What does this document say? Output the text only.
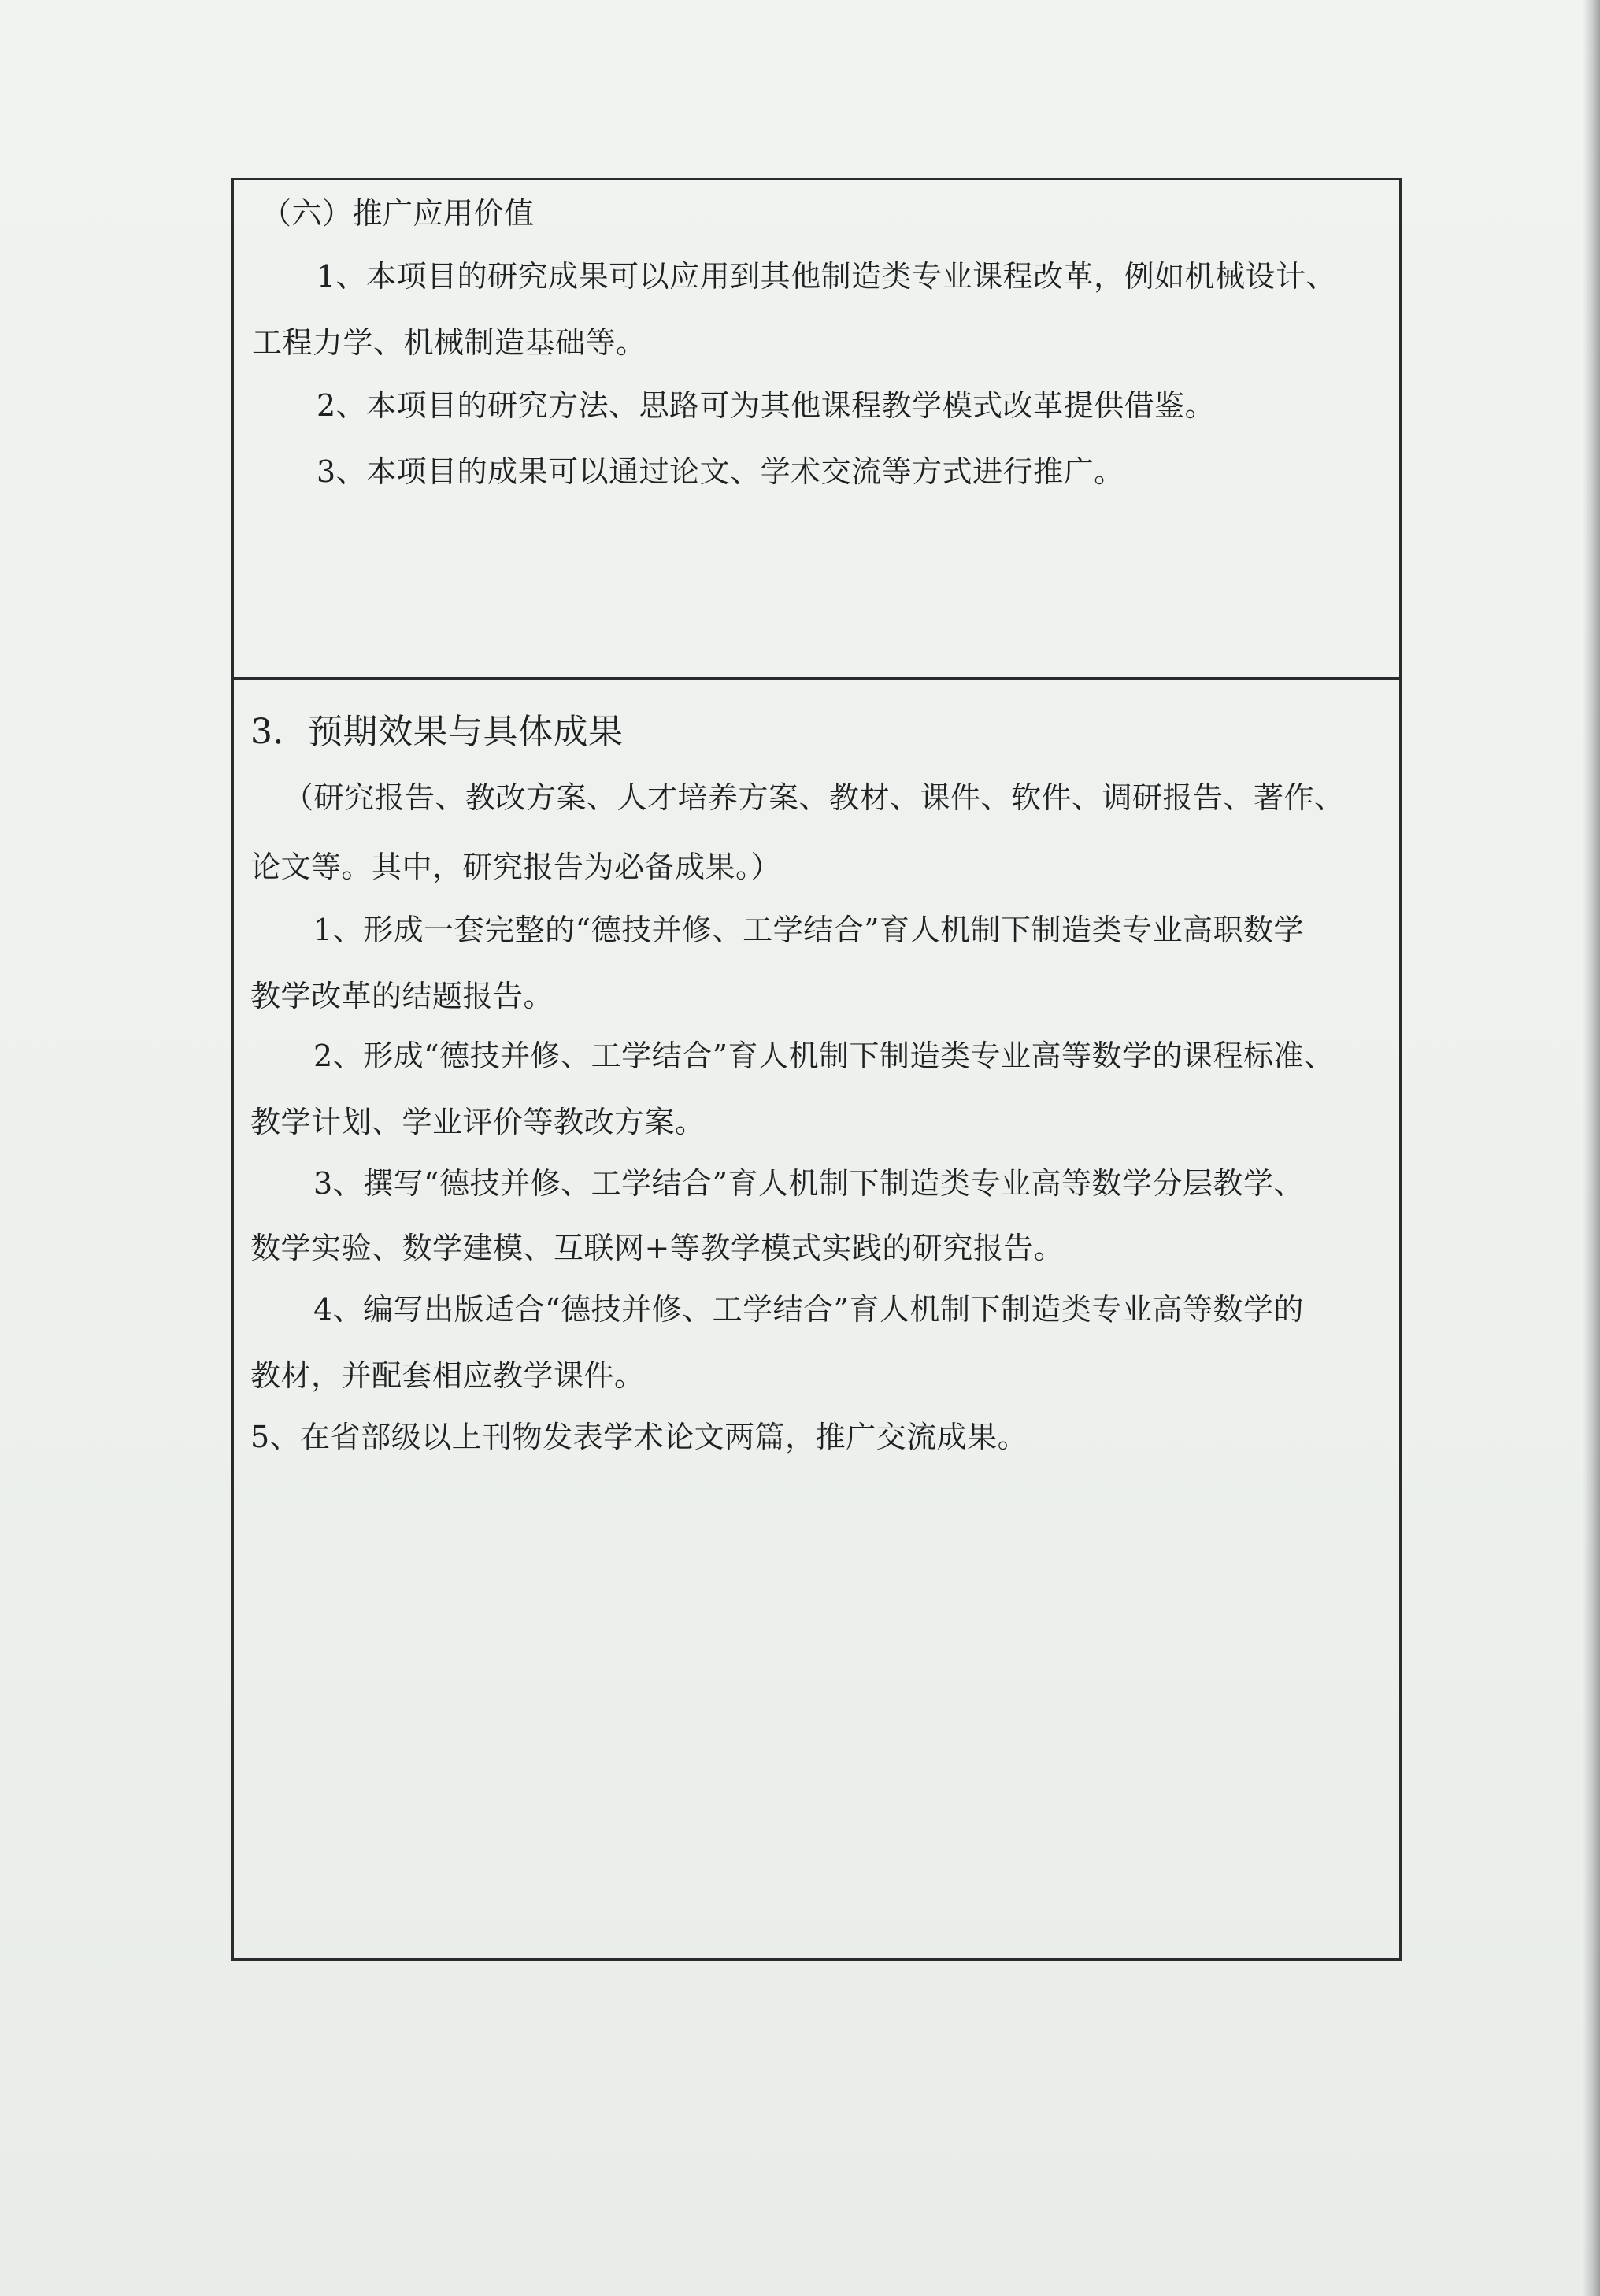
（六）推广应用价值
1、本项目的研究成果可以应用到其他制造类专业课程改革，例如机械设计、
工程力学、机械制造基础等。
2、本项目的研究方法、思路可为其他课程教学模式改革提供借鉴。
3、本项目的成果可以通过论文、学术交流等方式进行推广。
3．预期效果与具体成果
（研究报告、教改方案、人才培养方案、教材、课件、软件、调研报告、著作、
论文等。其中，研究报告为必备成果。）
1、形成一套完整的“德技并修、工学结合”育人机制下制造类专业高职数学
教学改革的结题报告。
2、形成“德技并修、工学结合”育人机制下制造类专业高等数学的课程标准、
教学计划、学业评价等教改方案。
3、撰写“德技并修、工学结合”育人机制下制造类专业高等数学分层教学、
数学实验、数学建模、互联网+等教学模式实践的研究报告。
4、编写出版适合“德技并修、工学结合”育人机制下制造类专业高等数学的
教材，并配套相应教学课件。
5、在省部级以上刊物发表学术论文两篇，推广交流成果。
